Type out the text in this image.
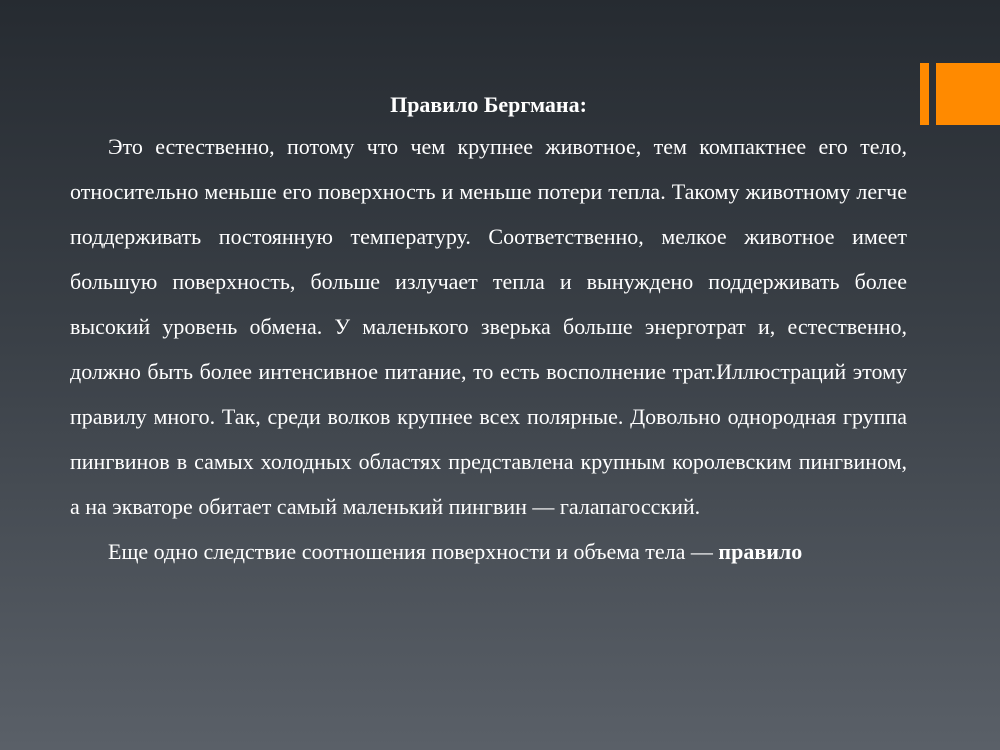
Правило Бергмана:

Это естественно, потому что чем крупнее животное, тем компактнее его тело, относительно меньше его поверхность и меньше потери тепла. Такому животному легче поддерживать постоянную температуру. Соответственно, мелкое животное имеет большую поверхность, больше излучает тепла и вынуждено поддерживать более высокий уровень обмена. У маленького зверька больше энерготрат и, естественно, должно быть более интенсивное питание, то есть восполнение трат.Иллюстраций этому правилу много. Так, среди волков крупнее всех полярные. Довольно однородная группа пингвинов в самых холодных областях представлена крупным королевским пингвином, а на экваторе обитает самый маленький пингвин — галапагосский.

Еще одно следствие соотношения поверхности и объема тела — правило
